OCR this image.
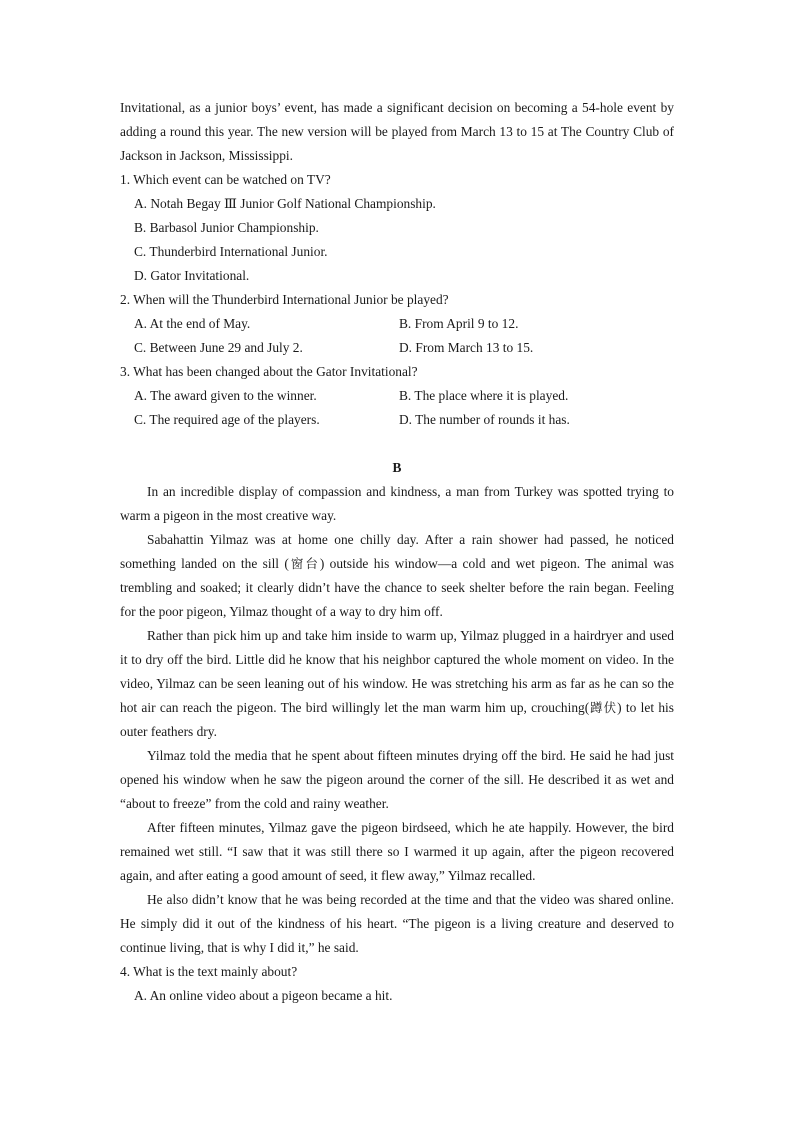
Invitational, as a junior boys’ event, has made a significant decision on becoming a 54-hole event by adding a round this year. The new version will be played from March 13 to 15 at The Country Club of Jackson in Jackson, Mississippi.

1. Which event can be watched on TV?

A. Notah Begay Ⅲ Junior Golf National Championship.

B. Barbasol Junior Championship.

C. Thunderbird International Junior.

D. Gator Invitational.

2. When will the Thunderbird International Junior be played?

A. At the end of May.	B. From April 9 to 12.
C. Between June 29 and July 2.	D. From March 13 to 15.

3. What has been changed about the Gator Invitational?

A. The award given to the winner.	B. The place where it is played.
C. The required age of the players.	D. The number of rounds it has.

B

In an incredible display of compassion and kindness, a man from Turkey was spotted trying to warm a pigeon in the most creative way.

Sabahattin Yilmaz was at home one chilly day. After a rain shower had passed, he noticed something landed on the sill (窗台) outside his window—a cold and wet pigeon. The animal was trembling and soaked; it clearly didn’t have the chance to seek shelter before the rain began. Feeling for the poor pigeon, Yilmaz thought of a way to dry him off.

Rather than pick him up and take him inside to warm up, Yilmaz plugged in a hairdryer and used it to dry off the bird. Little did he know that his neighbor captured the whole moment on video. In the video, Yilmaz can be seen leaning out of his window. He was stretching his arm as far as he can so the hot air can reach the pigeon. The bird willingly let the man warm him up, crouching(蹲伏) to let his outer feathers dry.

Yilmaz told the media that he spent about fifteen minutes drying off the bird. He said he had just opened his window when he saw the pigeon around the corner of the sill. He described it as wet and “about to freeze” from the cold and rainy weather.

After fifteen minutes, Yilmaz gave the pigeon birdseed, which he ate happily. However, the bird remained wet still. “I saw that it was still there so I warmed it up again, after the pigeon recovered again, and after eating a good amount of seed, it flew away,” Yilmaz recalled.

He also didn’t know that he was being recorded at the time and that the video was shared online. He simply did it out of the kindness of his heart. “The pigeon is a living creature and deserved to continue living, that is why I did it,” he said.

4. What is the text mainly about?

A. An online video about a pigeon became a hit.
